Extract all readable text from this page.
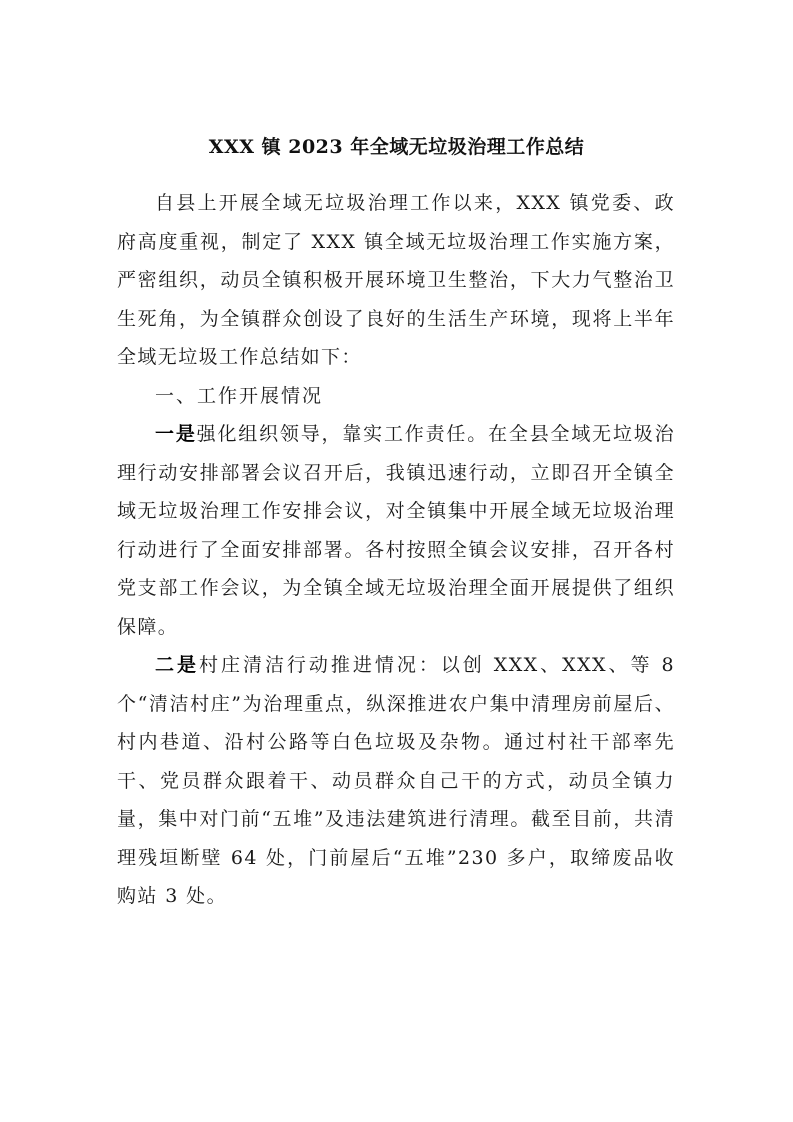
XXX 镇 2023 年全域无垃圾治理工作总结

自县上开展全域无垃圾治理工作以来，XXX 镇党委、政府高度重视，制定了 XXX 镇全域无垃圾治理工作实施方案，严密组织，动员全镇积极开展环境卫生整治，下大力气整治卫生死角，为全镇群众创设了良好的生活生产环境，现将上半年全域无垃圾工作总结如下：

一、工作开展情况

一是强化组织领导，靠实工作责任。在全县全域无垃圾治理行动安排部署会议召开后，我镇迅速行动，立即召开全镇全域无垃圾治理工作安排会议，对全镇集中开展全域无垃圾治理行动进行了全面安排部署。各村按照全镇会议安排，召开各村党支部工作会议，为全镇全域无垃圾治理全面开展提供了组织保障。

二是村庄清洁行动推进情况：以创 XXX、XXX、等 8 个“清洁村庄”为治理重点，纵深推进农户集中清理房前屋后、村内巷道、沿村公路等白色垃圾及杂物。通过村社干部率先干、党员群众跟着干、动员群众自己干的方式，动员全镇力量，集中对门前“五堆”及违法建筑进行清理。截至目前，共清理残垣断壁 64 处，门前屋后“五堆”230 多户，取缔废品收购站 3 处。
